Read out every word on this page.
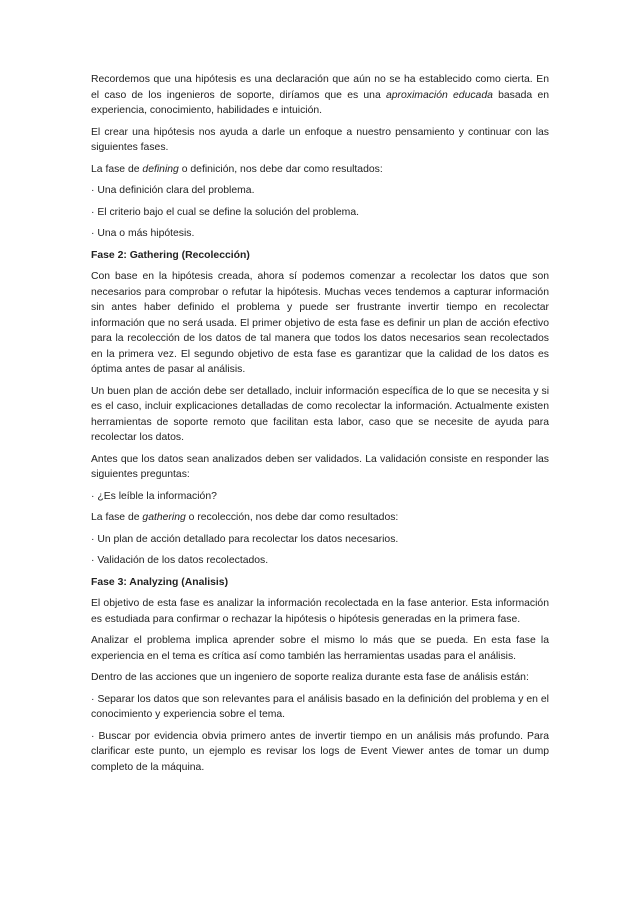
Recordemos que una hipótesis es una declaración que aún no se ha establecido como cierta. En el caso de los ingenieros de soporte, diríamos que es una aproximación educada basada en experiencia, conocimiento, habilidades e intuición.

El crear una hipótesis nos ayuda a darle un enfoque a nuestro pensamiento y continuar con las siguientes fases.

La fase de defining o definición, nos debe dar como resultados:

· Una definición clara del problema.

· El criterio bajo el cual se define la solución del problema.

· Una o más hipótesis.

Fase 2: Gathering (Recolección)

Con base en la hipótesis creada, ahora sí podemos comenzar a recolectar los datos que son necesarios para comprobar o refutar la hipótesis. Muchas veces tendemos a capturar información sin antes haber definido el problema y puede ser frustrante invertir tiempo en recolectar información que no será usada. El primer objetivo de esta fase es definir un plan de acción efectivo para la recolección de los datos de tal manera que todos los datos necesarios sean recolectados en la primera vez. El segundo objetivo de esta fase es garantizar que la calidad de los datos es óptima antes de pasar al análisis.

Un buen plan de acción debe ser detallado, incluir información específica de lo que se necesita y si es el caso, incluir explicaciones detalladas de como recolectar la información. Actualmente existen herramientas de soporte remoto que facilitan esta labor, caso que se necesite de ayuda para recolectar los datos.

Antes que los datos sean analizados deben ser validados. La validación consiste en responder las siguientes preguntas:

· ¿Es leíble la información?

La fase de gathering o recolección, nos debe dar como resultados:

· Un plan de acción detallado para recolectar los datos necesarios.

· Validación de los datos recolectados.

Fase 3: Analyzing (Analisis)

El objetivo de esta fase es analizar la información recolectada en la fase anterior. Esta información es estudiada para confirmar o rechazar la hipótesis o hipótesis generadas en la primera fase.

Analizar el problema implica aprender sobre el mismo lo más que se pueda. En esta fase la experiencia en el tema es crítica así como también las herramientas usadas para el análisis.

Dentro de las acciones que un ingeniero de soporte realiza durante esta fase de análisis están:

· Separar los datos que son relevantes para el análisis basado en la definición del problema y en el conocimiento y experiencia sobre el tema.

· Buscar por evidencia obvia primero antes de invertir tiempo en un análisis más profundo. Para clarificar este punto, un ejemplo es revisar los logs de Event Viewer antes de tomar un dump completo de la máquina.
